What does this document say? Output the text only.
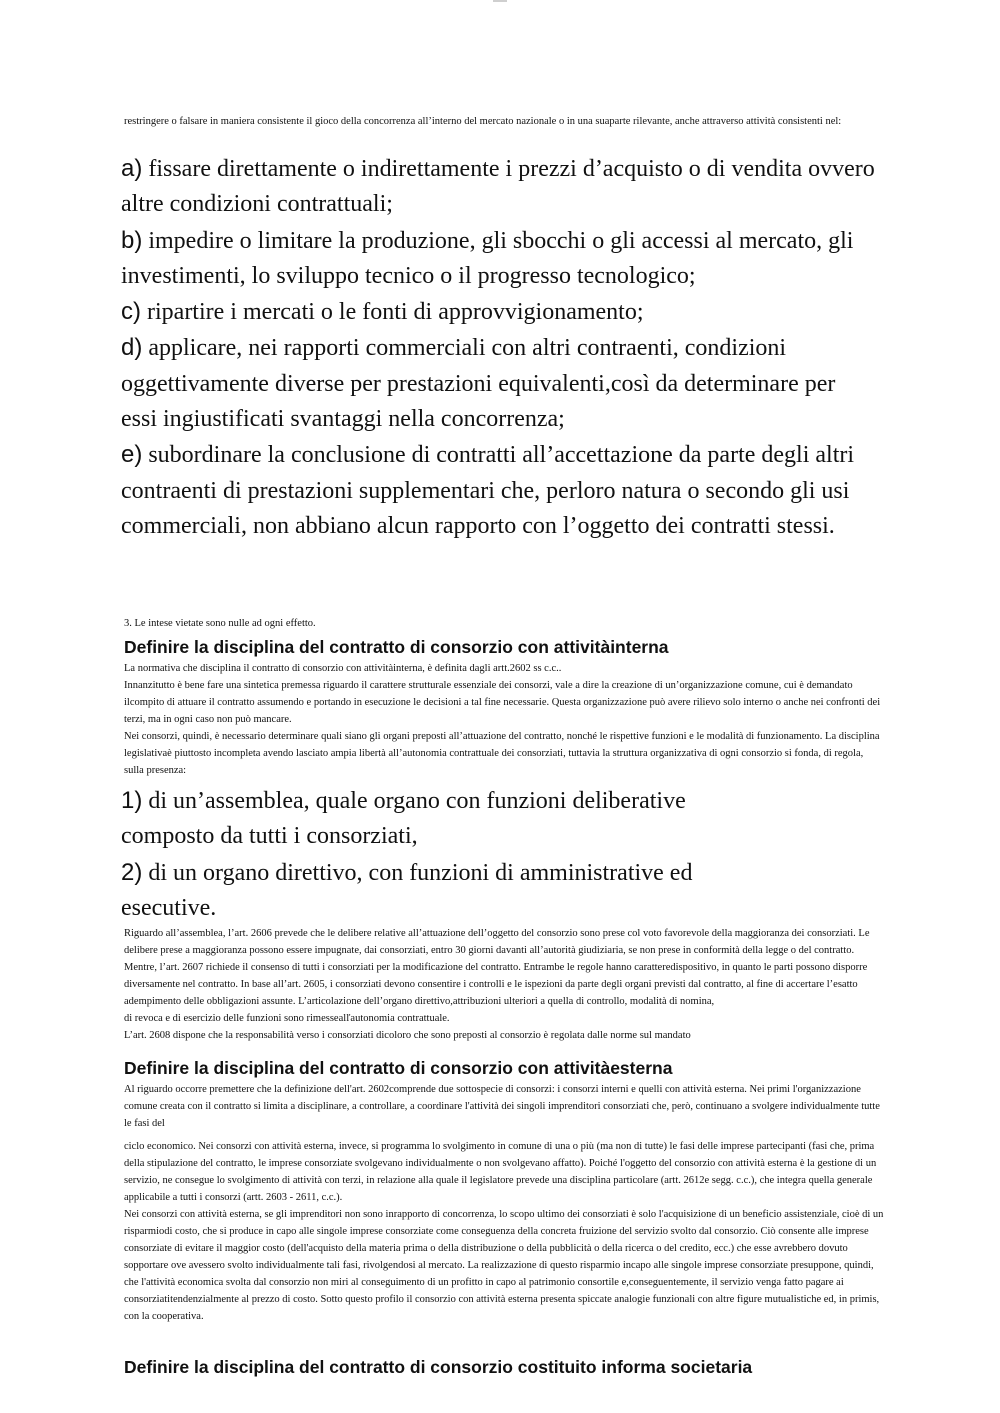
restringere o falsare in maniera consistente il gioco della concorrenza all’interno del mercato nazionale o in una suaparte rilevante, anche attraverso attività consistenti nel:

a) fissare direttamente o indirettamente i prezzi d’acquisto o di vendita ovvero altre condizioni contrattuali;

b) impedire o limitare la produzione, gli sbocchi o gli accessi al mercato, gli investimenti, lo sviluppo tecnico o il progresso tecnologico;

c) ripartire i mercati o le fonti di approvvigionamento;

d) applicare, nei rapporti commerciali con altri contraenti, condizioni oggettivamente diverse per prestazioni equivalenti,così da determinare per essi ingiustificati svantaggi nella concorrenza;

e) subordinare la conclusione di contratti all’accettazione da parte degli altri contraenti di prestazioni supplementari che, perloro natura o secondo gli usi commerciali, non abbiano alcun rapporto con l’oggetto dei contratti stessi.

3. Le intese vietate sono nulle ad ogni effetto.

Definire la disciplina del contratto di consorzio con attivitàinterna

La normativa che disciplina il contratto di consorzio con attivitàinterna, è definita dagli artt.2602 ss c.c..

Innanzitutto è bene fare una sintetica premessa riguardo il carattere strutturale essenziale dei consorzi, vale a dire la creazione di un’organizzazione comune, cui è demandato ilcompito di attuare il contratto assumendo e portando in esecuzione le decisioni a tal fine necessarie. Questa organizzazione può avere rilievo solo interno o anche nei confronti dei terzi, ma in ogni caso non può mancare.

Nei consorzi, quindi, è necessario determinare quali siano gli organi preposti all’attuazione del contratto, nonché le rispettive funzioni e le modalità di funzionamento. La disciplina legislativaè piuttosto incompleta avendo lasciato ampia libertà all’autonomia contrattuale dei consorziati, tuttavia la struttura organizzativa di ogni consorzio si fonda, di regola, sulla presenza:

1) di un’assemblea, quale organo con funzioni deliberative composto da tutti i consorziati,

2) di un organo direttivo, con funzioni di amministrative ed esecutive.

Riguardo all’assemblea, l’art. 2606 prevede che le delibere relative all’attuazione dell’oggetto del consorzio sono prese col voto favorevole della maggioranza dei consorziati. Le delibere prese a maggioranza possono essere impugnate, dai consorziati, entro 30 giorni davanti all’autorità giudiziaria, se non prese in conformità della legge o del contratto. Mentre, l’art. 2607 richiede il consenso di tutti i consorziati per la modificazione del contratto. Entrambe le regole hanno caratteredispositivo, in quanto le parti possono disporre diversamente nel contratto. In base all’art. 2605, i consorziati devono consentire i controlli e le ispezioni da parte degli organi previsti dal contratto, al fine di accertare l’esatto adempimento delle obbligazioni assunte. L’articolazione dell’organo direttivo,attribuzioni ulteriori a quella di controllo, modalità di nomina,

di revoca e di esercizio delle funzioni sono rimessealľautonomia contrattuale.

L’art. 2608 dispone che la responsabilità verso i consorziati dicoloro che sono preposti al consorzio è regolata dalle norme sul mandato

Definire la disciplina del contratto di consorzio con attivitàesterna

Al riguardo occorre premettere che la definizione dell'art. 2602comprende due sottospecie di consorzi: i consorzi interni e quelli con attività esterna. Nei primi l'organizzazione comune creata con il contratto si limita a disciplinare, a controllare, a coordinare l'attività dei singoli imprenditori consorziati che, però, continuano a svolgere individualmente tutte le fasi del

ciclo economico. Nei consorzi con attività esterna, invece, si programma lo svolgimento in comune di una o più (ma non di tutte) le fasi delle imprese partecipanti (fasi che, prima della stipulazione del contratto, le imprese consorziate svolgevano individualmente o non svolgevano affatto). Poiché l'oggetto del consorzio con attività esterna è la gestione di un servizio, ne consegue lo svolgimento di attività con terzi, in relazione alla quale il legislatore prevede una disciplina particolare (artt. 2612e segg. c.c.), che integra quella generale applicabile a tutti i consorzi (artt. 2603 - 2611, c.c.).

Nei consorzi con attività esterna, se gli imprenditori non sono inrapporto di concorrenza, lo scopo ultimo dei consorziati è solo l'acquisizione di un beneficio assistenziale, cioè di un risparmiodi costo, che si produce in capo alle singole imprese consorziate come conseguenza della concreta fruizione del servizio svolto dal consorzio. Ciò consente alle imprese consorziate di evitare il maggior costo (dell'acquisto della materia prima o della distribuzione o della pubblicità o della ricerca o del credito, ecc.) che esse avrebbero dovuto sopportare ove avessero svolto individualmente tali fasi, rivolgendosi al mercato. La realizzazione di questo risparmio incapo alle singole imprese consorziate presuppone, quindi, che l'attività economica svolta dal consorzio non miri al conseguimento di un profitto in capo al patrimonio consortile e,conseguentemente, il servizio venga fatto pagare ai consorziatitendenzialmente al prezzo di costo. Sotto questo profilo il consorzio con attività esterna presenta spiccate analogie funzionali con altre figure mutualistiche ed, in primis, con la cooperativa.

Definire la disciplina del contratto di consorzio costituito informa societaria
